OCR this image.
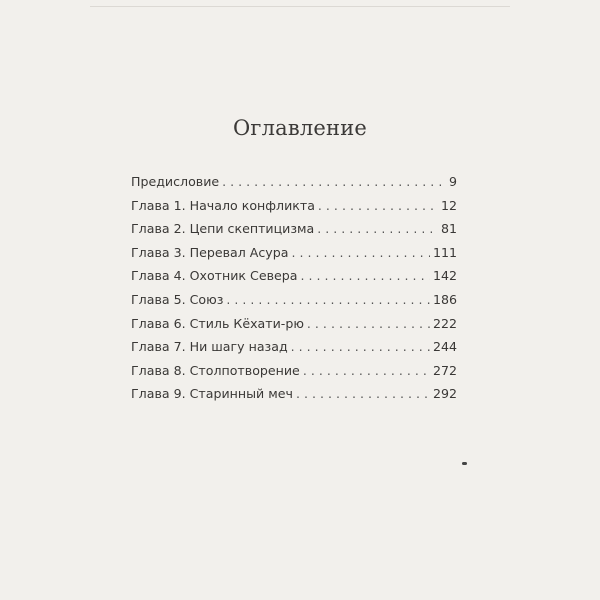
Оглавление
Предисловие . . .	9
Глава 1. Начало конфликта . . .	12
Глава 2. Цепи скептицизма . . .	81
Глава 3. Перевал Асура . . .	111
Глава 4. Охотник Севера . . .	142
Глава 5. Союз . . .	186
Глава 6. Стиль Кёхати-рю . . .	222
Глава 7. Ни шагу назад . . .	244
Глава 8. Столпотворение . . .	272
Глава 9. Старинный меч . . .	292
